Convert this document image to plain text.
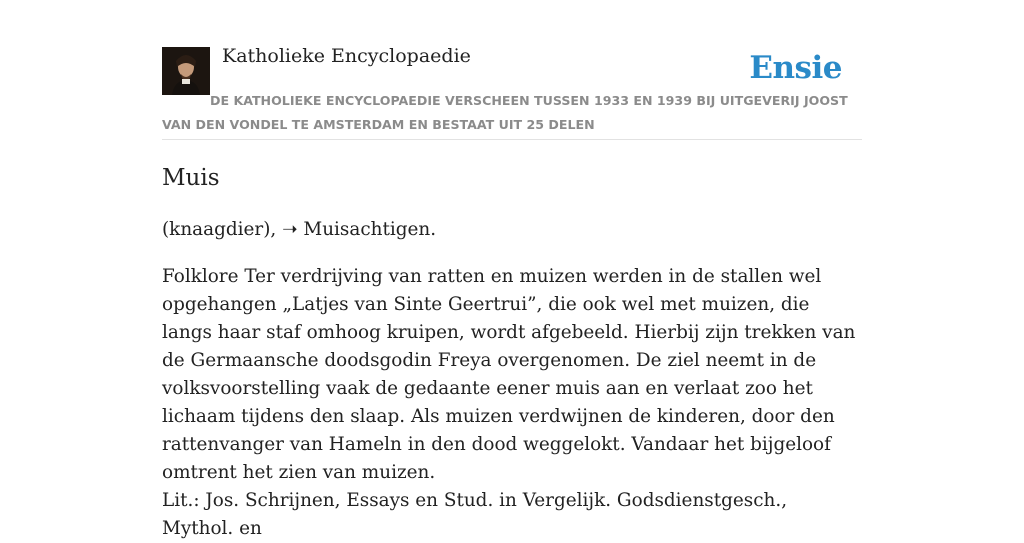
Katholieke Encyclopaedie	Ensie
DE KATHOLIEKE ENCYCLOPAEDIE VERSCHEEN TUSSEN 1933 EN 1939 BIJ UITGEVERIJ JOOST VAN DEN VONDEL TE AMSTERDAM EN BESTAAT UIT 25 DELEN
Muis

(knaagdier), ➝ Muisachtigen.

Folklore Ter verdrijving van ratten en muizen werden in de stallen wel opgehangen „Latjes van Sinte Geertrui”, die ook wel met muizen, die langs haar staf omhoog kruipen, wordt afgebeeld. Hierbij zijn trekken van de Germaansche doodsgodin Freya overgenomen. De ziel neemt in de volksvoorstelling vaak de gedaante eener muis aan en verlaat zoo het lichaam tijdens den slaap. Als muizen verdwijnen de kinderen, door den rattenvanger van Hameln in den dood weggelokt. Vandaar het bijgeloof omtrent het zien van muizen.

Lit.: Jos. Schrijnen, Essays en Stud. in Vergelijk. Godsdienstgesch., Mythol. en
